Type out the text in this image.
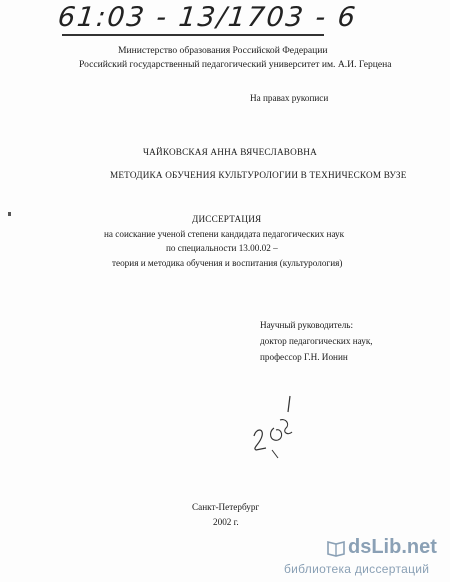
61:03 - 13/1703 - 6
Министерство образования Российской Федерации
Российский государственный педагогический университет им. А.И. Герцена
На правах рукописи
ЧАЙКОВСКАЯ АННА ВЯЧЕСЛАВОВНА
МЕТОДИКА ОБУЧЕНИЯ КУЛЬТУРОЛОГИИ В ТЕХНИЧЕСКОМ ВУЗЕ
ДИССЕРТАЦИЯ
на соискание ученой степени кандидата педагогических наук
по специальности 13.00.02 –
теория и методика обучения и воспитания (культурология)
Научный руководитель:
доктор педагогических наук,
профессор Г.Н. Ионин
Санкт-Петербург
2002 г.
dsLib.net
библиотека диссертаций
